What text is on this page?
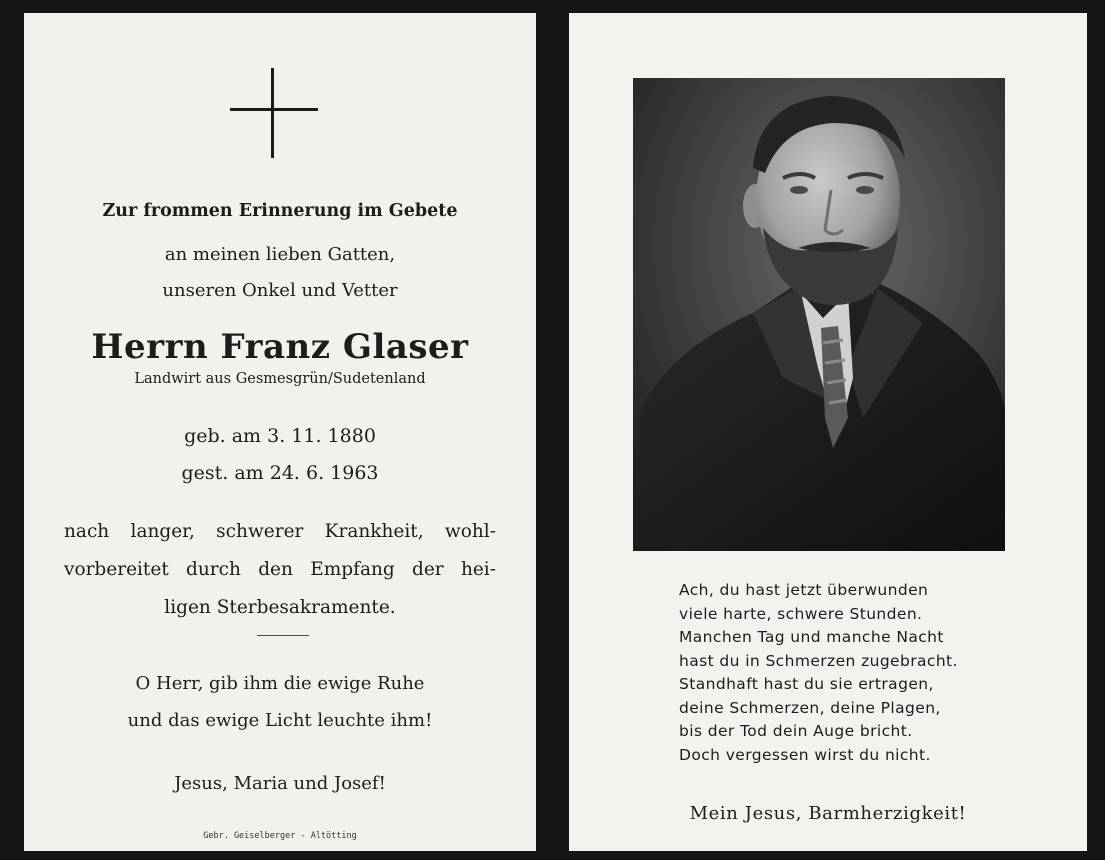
Zur frommen Erinnerung im Gebete
an meinen lieben Gatten,
unseren Onkel und Vetter
Herrn Franz Glaser
Landwirt aus Gesmesgrün/Sudetenland
geb. am 3. 11. 1880
gest. am 24. 6. 1963
nach langer, schwerer Krankheit, wohl-
vorbereitet durch den Empfang der hei-
ligen Sterbesakramente.
O Herr, gib ihm die ewige Ruhe
und das ewige Licht leuchte ihm!
Jesus, Maria und Josef!
Gebr. Geiselberger - Altötting
Ach, du hast jetzt überwunden
viele harte, schwere Stunden.
Manchen Tag und manche Nacht
hast du in Schmerzen zugebracht.
Standhaft hast du sie ertragen,
deine Schmerzen, deine Plagen,
bis der Tod dein Auge bricht.
Doch vergessen wirst du nicht.
Mein Jesus, Barmherzigkeit!
